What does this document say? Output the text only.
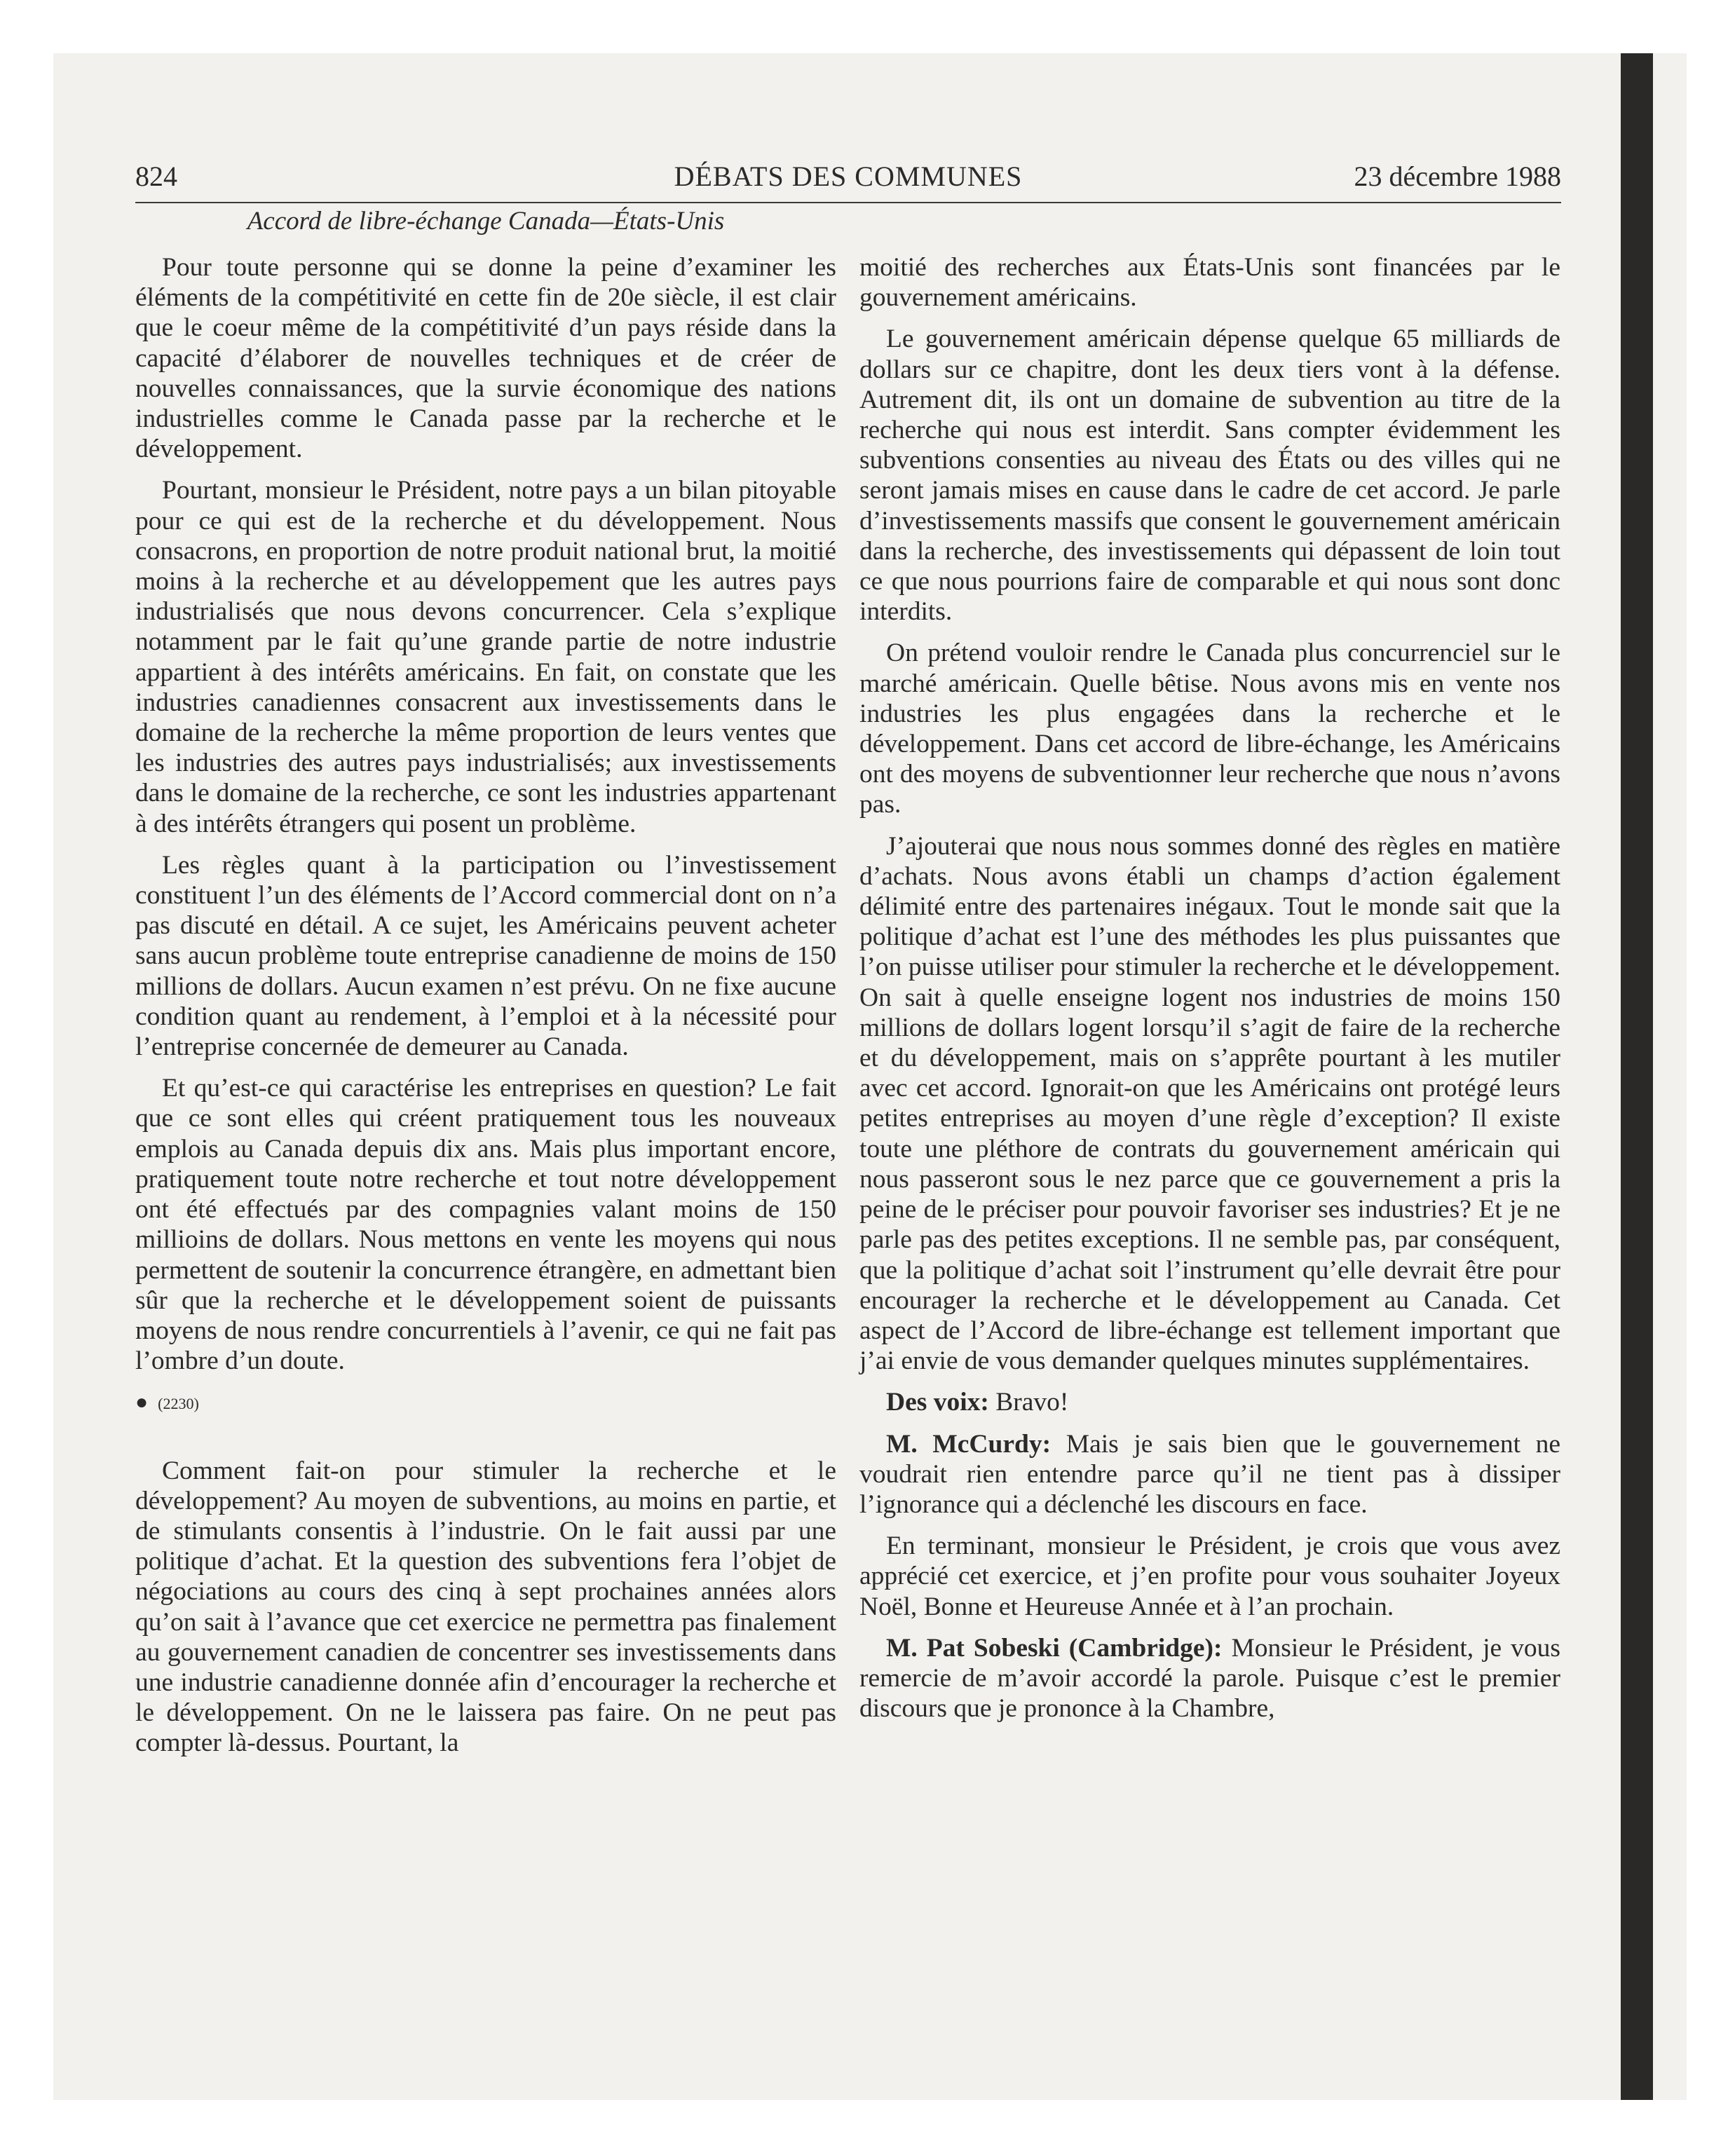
824	DÉBATS DES COMMUNES	23 décembre 1988
Accord de libre-échange Canada—États-Unis

Pour toute personne qui se donne la peine d’examiner les éléments de la compétitivité en cette fin de 20e siècle, il est clair que le coeur même de la compétitivité d’un pays réside dans la capacité d’élaborer de nouvelles techniques et de créer de nouvelles connaissances, que la survie économique des nations industrielles comme le Canada passe par la recherche et le développement.

Pourtant, monsieur le Président, notre pays a un bilan pitoyable pour ce qui est de la recherche et du développement. Nous consacrons, en proportion de notre produit national brut, la moitié moins à la recherche et au développement que les autres pays industrialisés que nous devons concurrencer. Cela s’explique notamment par le fait qu’une grande partie de notre industrie appartient à des intérêts américains. En fait, on constate que les industries canadiennes consacrent aux investissements dans le domaine de la recherche la même proportion de leurs ventes que les industries des autres pays industrialisés; aux investissements dans le domaine de la recherche, ce sont les industries appartenant à des intérêts étrangers qui posent un problème.

Les règles quant à la participation ou l’investissement constituent l’un des éléments de l’Accord commercial dont on n’a pas discuté en détail. A ce sujet, les Américains peuvent acheter sans aucun problème toute entreprise canadienne de moins de 150 millions de dollars. Aucun examen n’est prévu. On ne fixe aucune condition quant au rendement, à l’emploi et à la nécessité pour l’entreprise concernée de demeurer au Canada.

Et qu’est-ce qui caractérise les entreprises en question? Le fait que ce sont elles qui créent pratiquement tous les nouveaux emplois au Canada depuis dix ans. Mais plus important encore, pratiquement toute notre recherche et tout notre développement ont été effectués par des compagnies valant moins de 150 millioins de dollars. Nous mettons en vente les moyens qui nous permettent de soutenir la concurrence étrangère, en admettant bien sûr que la recherche et le développement soient de puissants moyens de nous rendre concurrentiels à l’avenir, ce qui ne fait pas l’ombre d’un doute.

● (2230)

Comment fait-on pour stimuler la recherche et le développement? Au moyen de subventions, au moins en partie, et de stimulants consentis à l’industrie. On le fait aussi par une politique d’achat. Et la question des subventions fera l’objet de négociations au cours des cinq à sept prochaines années alors qu’on sait à l’avance que cet exercice ne permettra pas finalement au gouvernement canadien de concentrer ses investissements dans une industrie canadienne donnée afin d’encourager la recherche et le développement. On ne le laissera pas faire. On ne peut pas compter là-dessus. Pourtant, la

moitié des recherches aux États-Unis sont financées par le gouvernement américains.

Le gouvernement américain dépense quelque 65 milliards de dollars sur ce chapitre, dont les deux tiers vont à la défense. Autrement dit, ils ont un domaine de subvention au titre de la recherche qui nous est interdit. Sans compter évidemment les subventions consenties au niveau des États ou des villes qui ne seront jamais mises en cause dans le cadre de cet accord. Je parle d’investissements massifs que consent le gouvernement américain dans la recherche, des investissements qui dépassent de loin tout ce que nous pourrions faire de comparable et qui nous sont donc interdits.

On prétend vouloir rendre le Canada plus concurrenciel sur le marché américain. Quelle bêtise. Nous avons mis en vente nos industries les plus engagées dans la recherche et le développement. Dans cet accord de libre-échange, les Américains ont des moyens de subventionner leur recherche que nous n’avons pas.

J’ajouterai que nous nous sommes donné des règles en matière d’achats. Nous avons établi un champs d’action également délimité entre des partenaires inégaux. Tout le monde sait que la politique d’achat est l’une des méthodes les plus puissantes que l’on puisse utiliser pour stimuler la recherche et le développement. On sait à quelle enseigne logent nos industries de moins 150 millions de dollars logent lorsqu’il s’agit de faire de la recherche et du développement, mais on s’apprête pourtant à les mutiler avec cet accord. Ignorait-on que les Américains ont protégé leurs petites entreprises au moyen d’une règle d’exception? Il existe toute une pléthore de contrats du gouvernement américain qui nous passeront sous le nez parce que ce gouvernement a pris la peine de le préciser pour pouvoir favoriser ses industries? Et je ne parle pas des petites exceptions. Il ne semble pas, par conséquent, que la politique d’achat soit l’instrument qu’elle devrait être pour encourager la recherche et le développement au Canada. Cet aspect de l’Accord de libre-échange est tellement important que j’ai envie de vous demander quelques minutes supplémentaires.

Des voix: Bravo!

M. McCurdy: Mais je sais bien que le gouvernement ne voudrait rien entendre parce qu’il ne tient pas à dissiper l’ignorance qui a déclenché les discours en face.

En terminant, monsieur le Président, je crois que vous avez apprécié cet exercice, et j’en profite pour vous souhaiter Joyeux Noël, Bonne et Heureuse Année et à l’an prochain.

M. Pat Sobeski (Cambridge): Monsieur le Président, je vous remercie de m’avoir accordé la parole. Puisque c’est le premier discours que je prononce à la Chambre,
